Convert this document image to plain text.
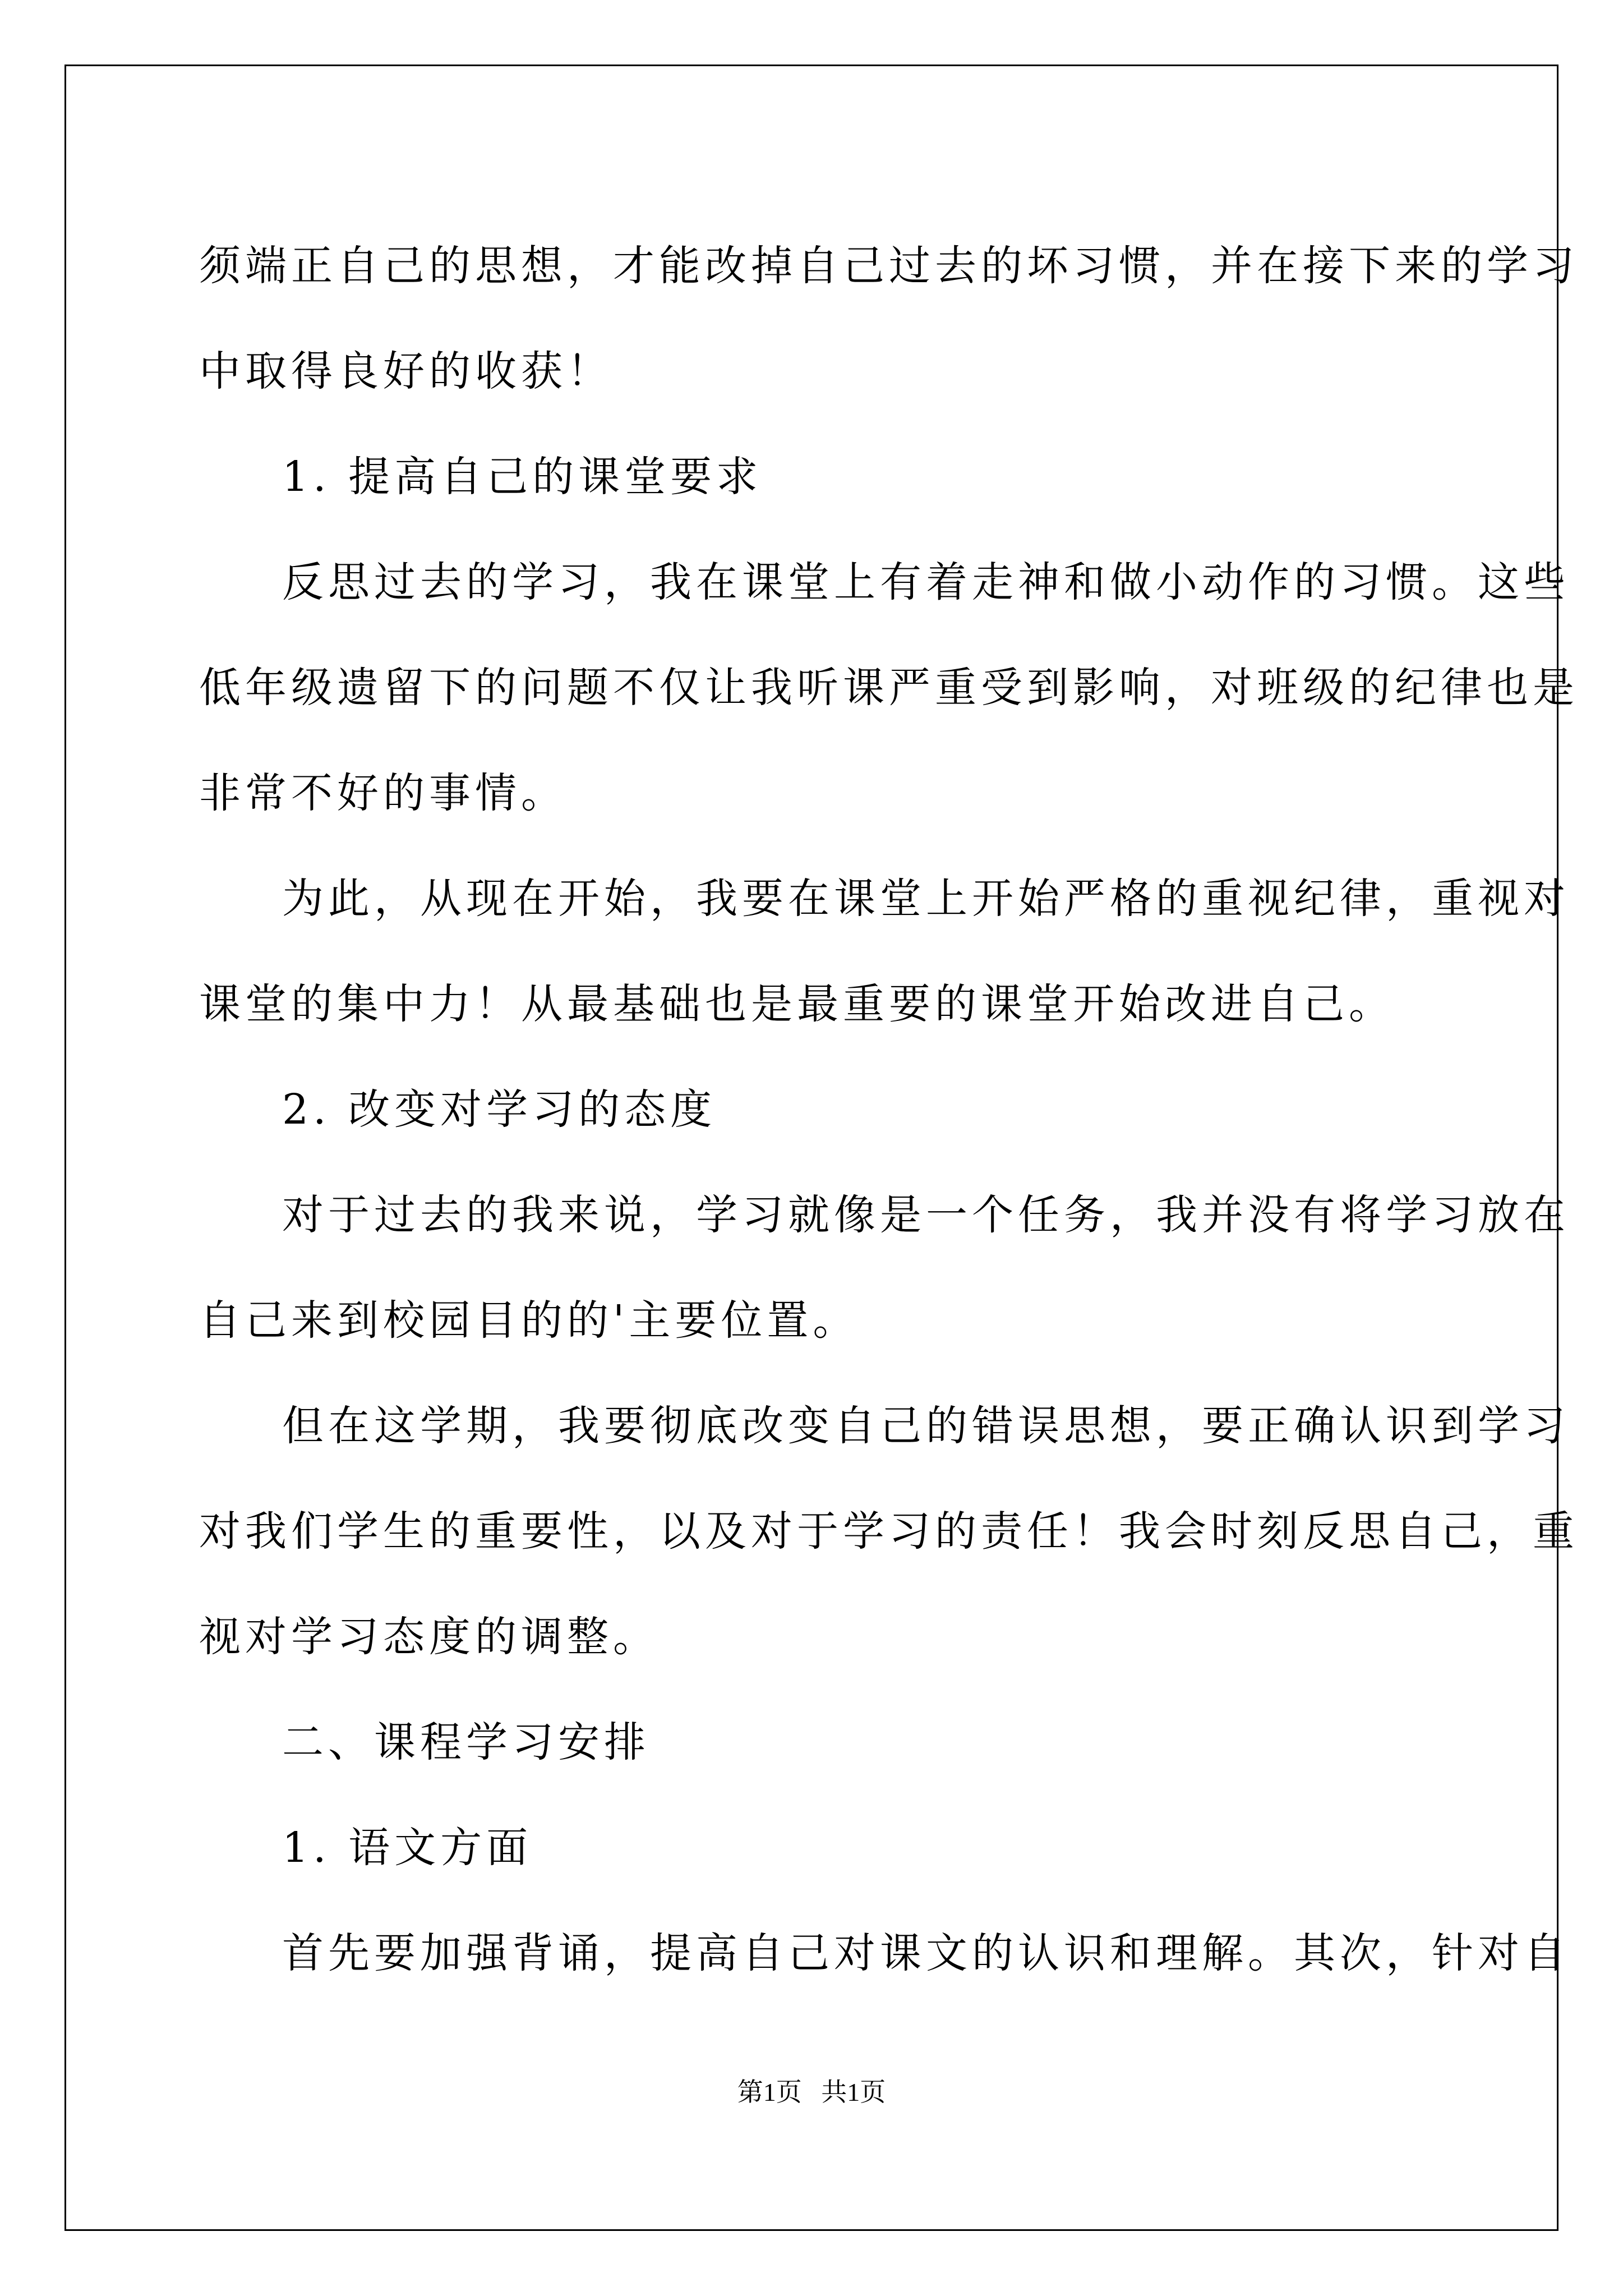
须端正自己的思想，才能改掉自己过去的坏习惯，并在接下来的学习

中取得良好的收获！

1. 提高自己的课堂要求

反思过去的学习，我在课堂上有着走神和做小动作的习惯。这些

低年级遗留下的问题不仅让我听课严重受到影响，对班级的纪律也是

非常不好的事情。

为此，从现在开始，我要在课堂上开始严格的重视纪律，重视对

课堂的集中力！从最基础也是最重要的课堂开始改进自己。

2. 改变对学习的态度

对于过去的我来说，学习就像是一个任务，我并没有将学习放在

自己来到校园目的的'主要位置。

但在这学期，我要彻底改变自己的错误思想，要正确认识到学习

对我们学生的重要性，以及对于学习的责任！我会时刻反思自己，重

视对学习态度的调整。

二、课程学习安排

1. 语文方面

首先要加强背诵，提高自己对课文的认识和理解。其次，针对自

第1页   共1页
